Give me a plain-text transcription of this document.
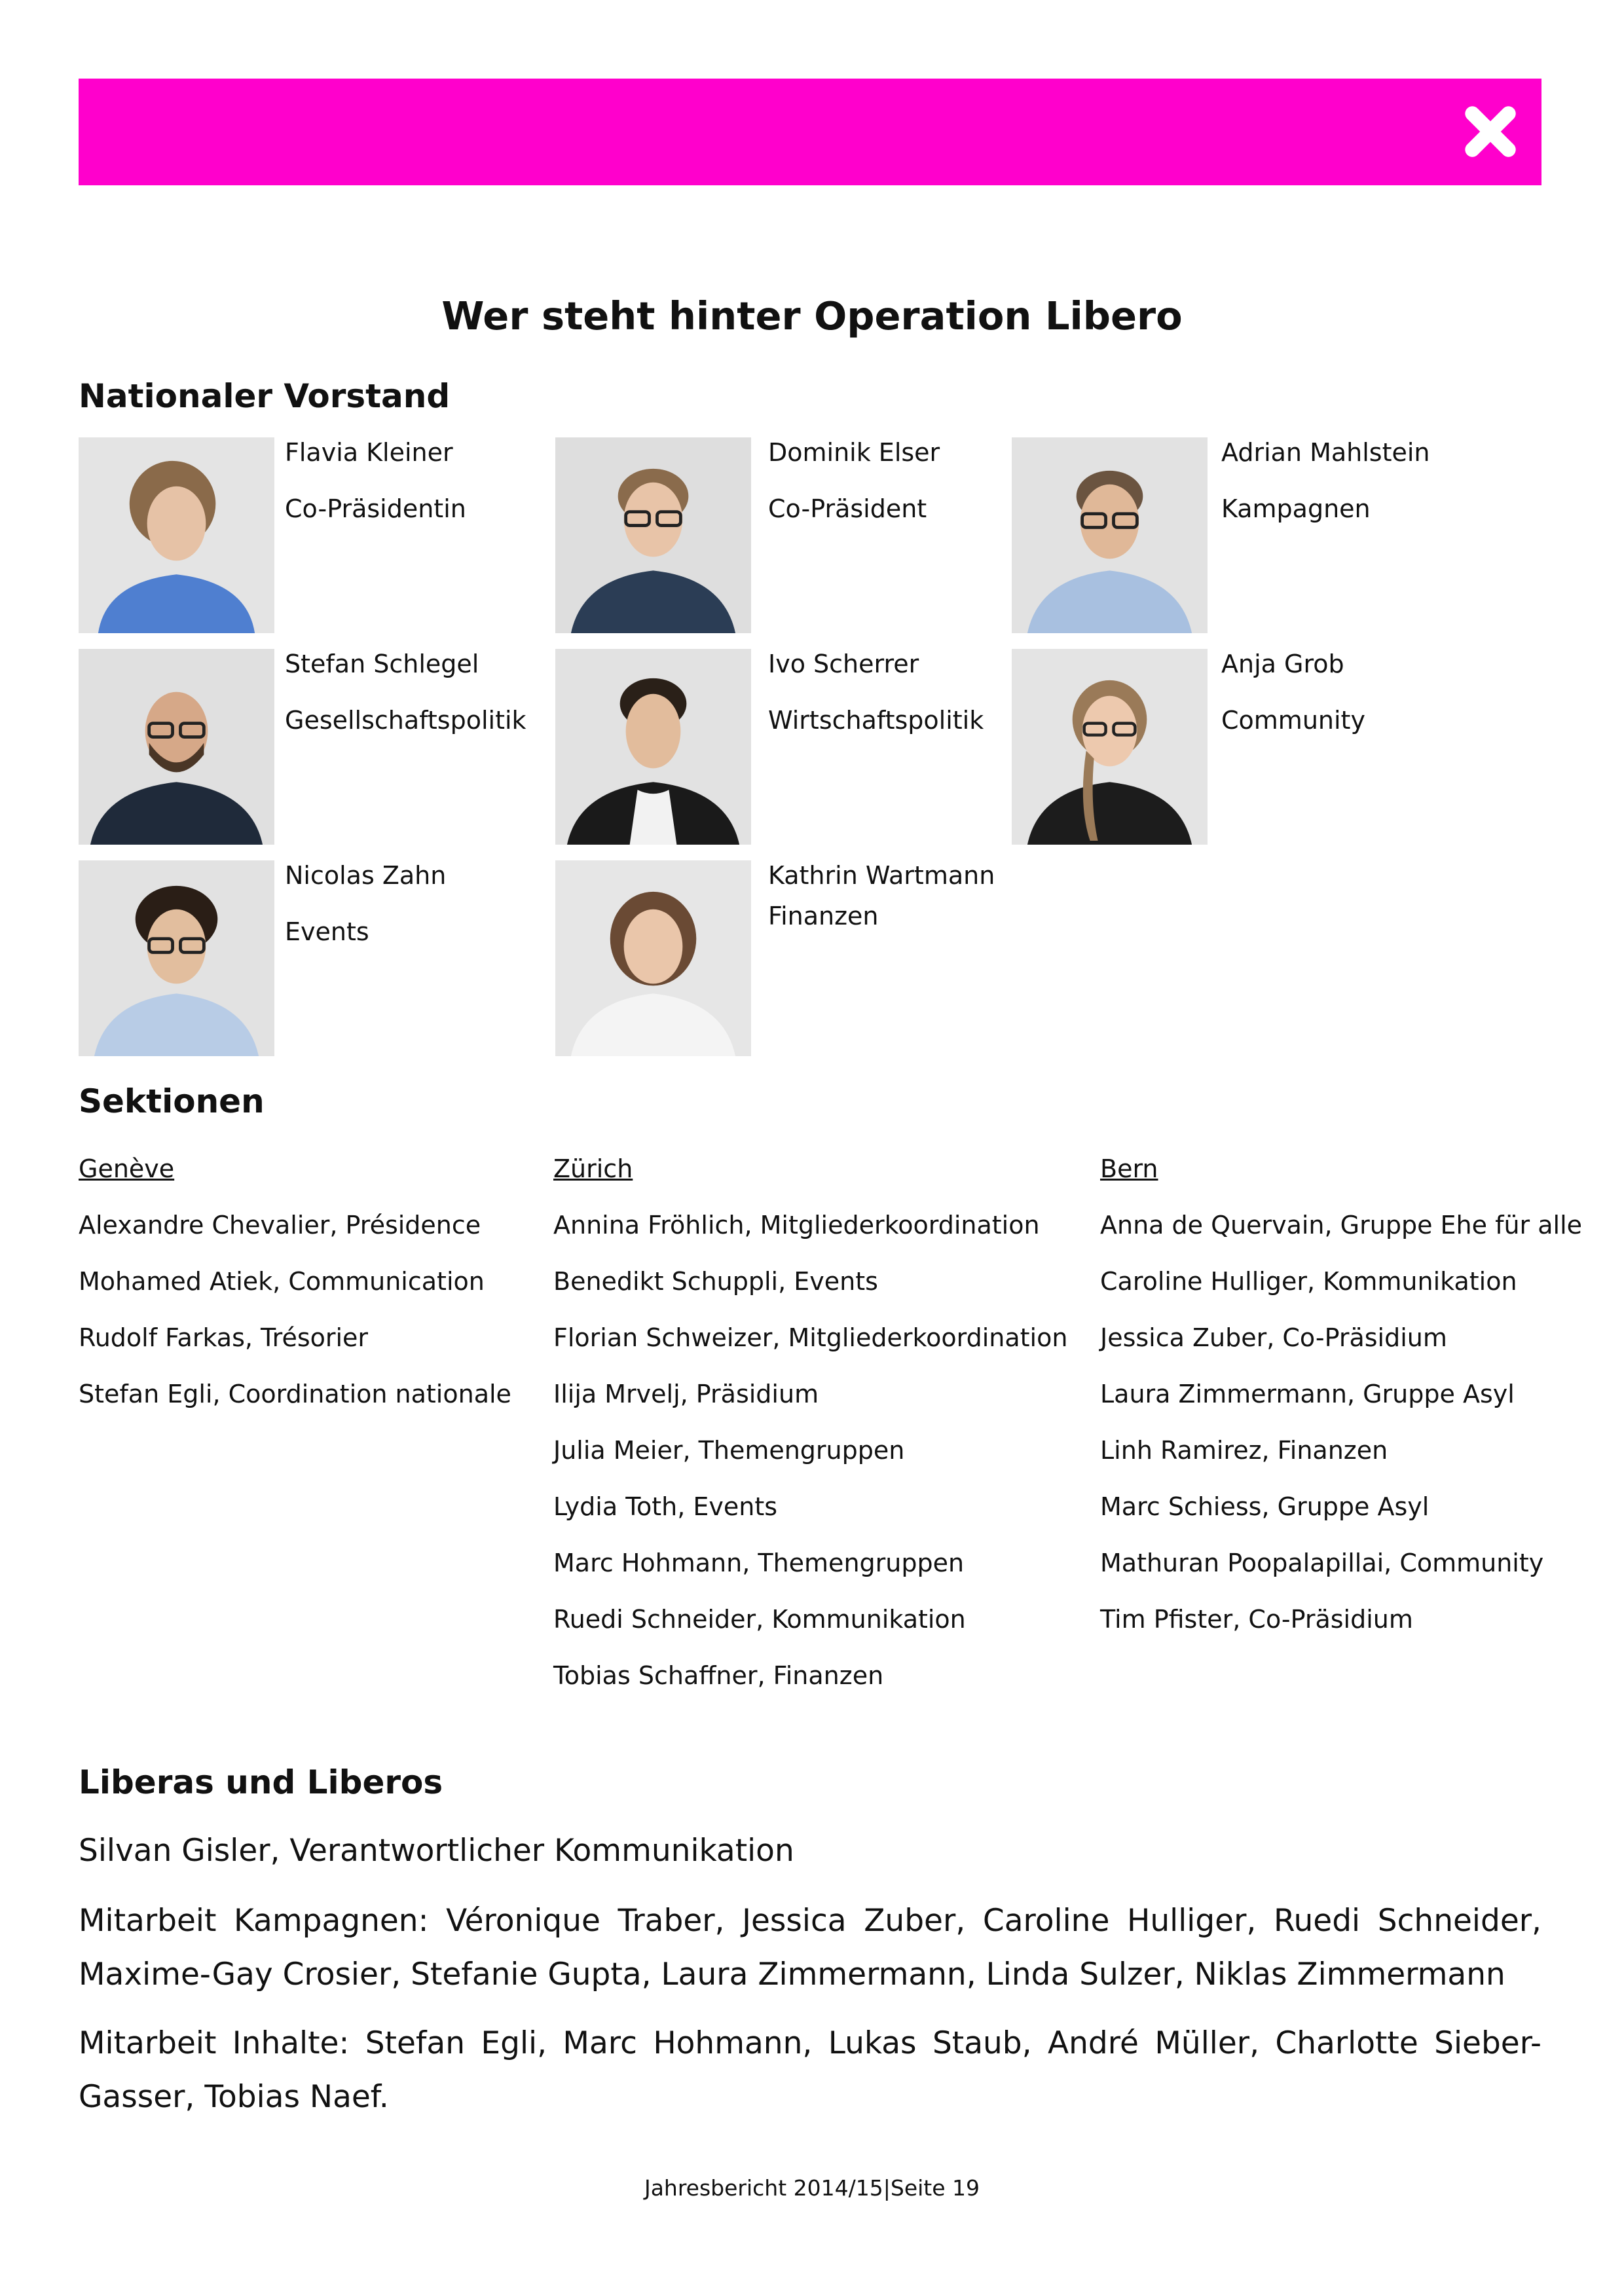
Wer steht hinter Operation Libero
Nationaler Vorstand
Flavia Kleiner
Co-Präsidentin
Dominik Elser
Co-Präsident
Adrian Mahlstein
Kampagnen
Stefan Schlegel
Gesellschaftspolitik
Ivo Scherrer
Wirtschaftspolitik
Anja Grob
Community
Nicolas Zahn
Events
Kathrin Wartmann
Finanzen
Sektionen
Genève
Alexandre Chevalier, Présidence
Mohamed Atiek, Communication
Rudolf Farkas, Trésorier
Stefan Egli, Coordination nationale
Zürich
Annina Fröhlich, Mitgliederkoordination
Benedikt Schuppli, Events
Florian Schweizer, Mitgliederkoordination
Ilija Mrvelj, Präsidium
Julia Meier, Themengruppen
Lydia Toth, Events
Marc Hohmann, Themengruppen
Ruedi Schneider, Kommunikation
Tobias Schaffner, Finanzen
Bern
Anna de Quervain, Gruppe Ehe für alle
Caroline Hulliger, Kommunikation
Jessica Zuber, Co-Präsidium
Laura Zimmermann, Gruppe Asyl
Linh Ramirez, Finanzen
Marc Schiess, Gruppe Asyl
Mathuran Poopalapillai, Community
Tim Pfister, Co-Präsidium
Liberas und Liberos
Silvan Gisler, Verantwortlicher Kommunikation
Mitarbeit Kampagnen: Véronique Traber, Jessica Zuber, Caroline Hulliger, Ruedi Schneider, Maxime-Gay Crosier, Stefanie Gupta, Laura Zimmermann, Linda Sulzer, Niklas Zimmermann
Mitarbeit Inhalte: Stefan Egli, Marc Hohmann, Lukas Staub, André Müller, Charlotte Sieber-Gasser, Tobias Naef.
Jahresbericht 2014/15|Seite 19
